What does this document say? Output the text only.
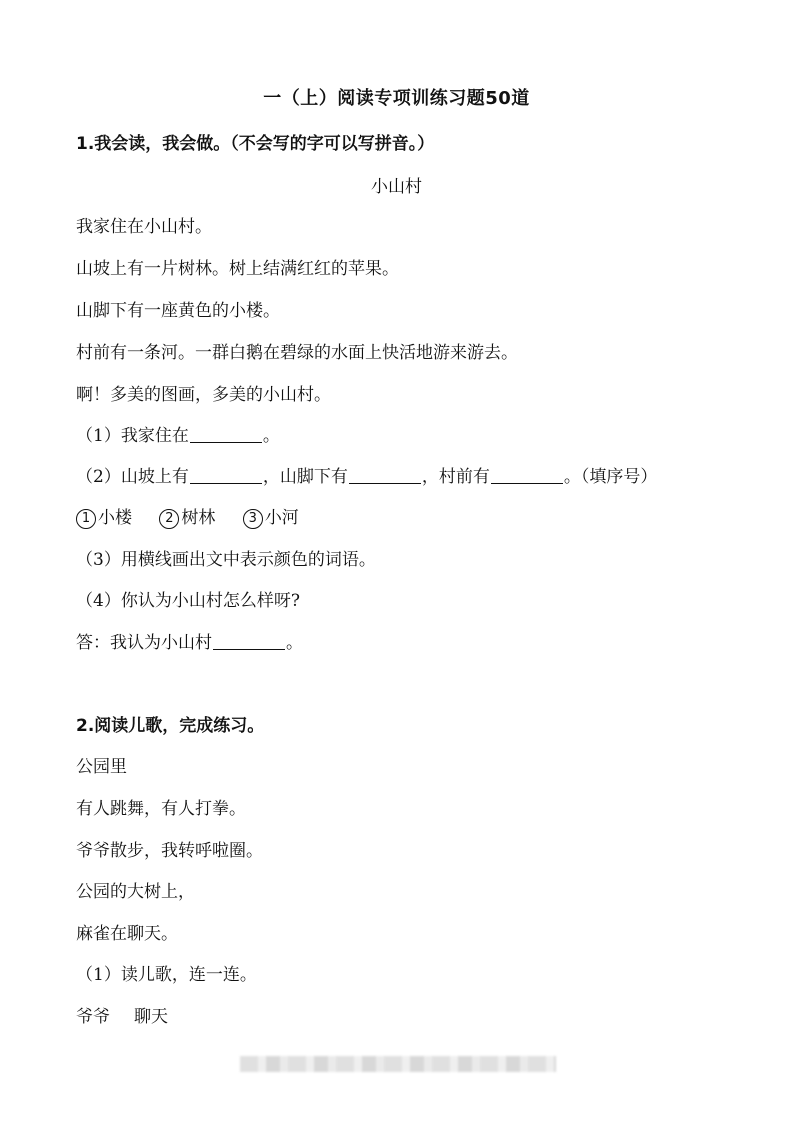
一（上）阅读专项训练习题50道
1.我会读，我会做。（不会写的字可以写拼音。）
小山村
我家住在小山村。
山坡上有一片树林。树上结满红红的苹果。
山脚下有一座黄色的小楼。
村前有一条河。一群白鹅在碧绿的水面上快活地游来游去。
啊！多美的图画，多美的小山村。
（1）我家住在	。
（2）山坡上有	，山脚下有	，村前有	。（填序号）
1 小楼	2 树林	3 小河
（3）用横线画出文中表示颜色的词语。
（4）你认为小山村怎么样呀?
答：我认为小山村	。
2.阅读儿歌，完成练习。
公园里
有人跳舞，有人打拳。
爷爷散步，我转呼啦圈。
公园的大树上，
麻雀在聊天。
（1）读儿歌，连一连。
爷爷 聊天
